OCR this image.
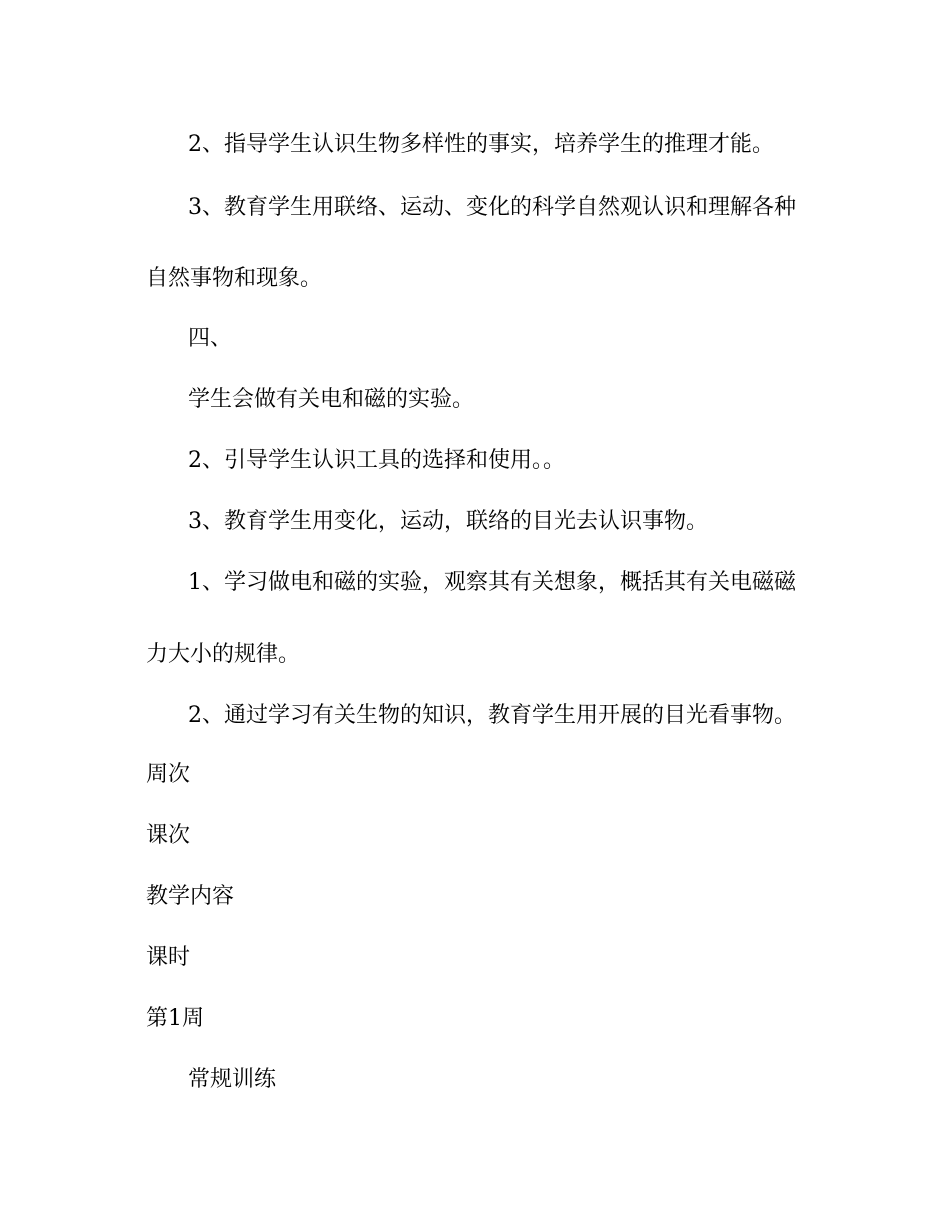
2、指导学生认识生物多样性的事实，培养学生的推理才能。
3、教育学生用联络、运动、变化的科学自然观认识和理解各种
自然事物和现象。
四、
学生会做有关电和磁的实验。
2、引导学生认识工具的选择和使用。。
3、教育学生用变化，运动，联络的目光去认识事物。
1、学习做电和磁的实验，观察其有关想象，概括其有关电磁磁
力大小的规律。
2、通过学习有关生物的知识，教育学生用开展的目光看事物。
周次
课次
教学内容
课时
第1周
常规训练
